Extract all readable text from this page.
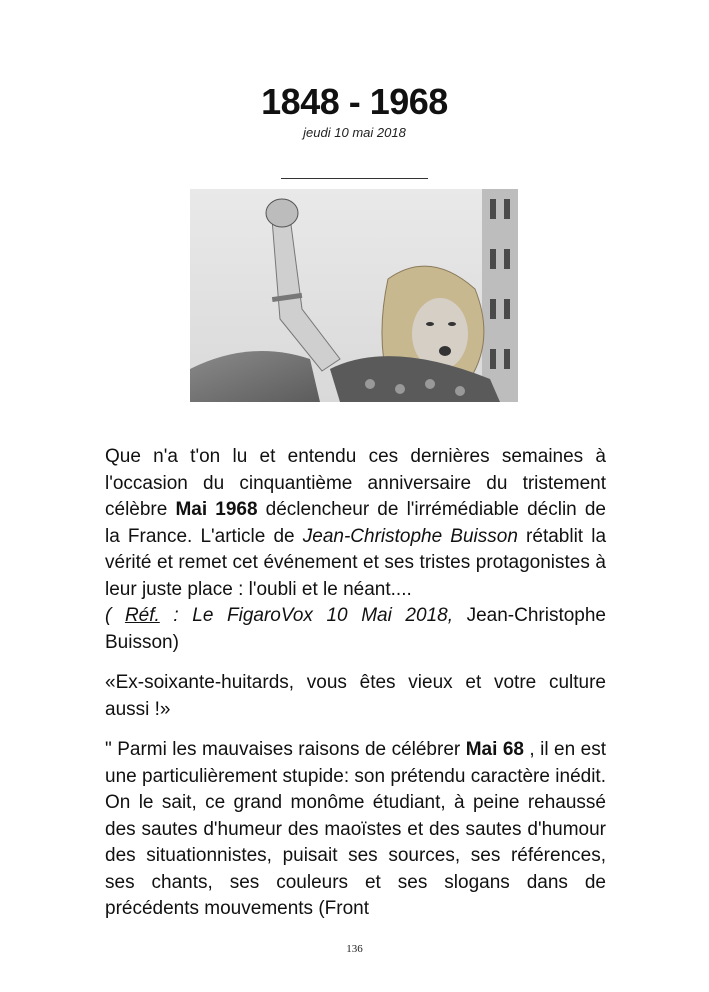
1848 - 1968
jeudi 10 mai 2018

Que n'a t'on lu et entendu ces dernières semaines à l'occasion du cinquantième anniversaire du tristement célèbre Mai 1968 déclencheur de l'irrémédiable déclin de la France. L'article de Jean-Christophe Buisson rétablit la vérité et remet cet événement et ses tristes protagonistes à leur juste place : l'oubli et le néant....
( Réf. : Le FigaroVox 10 Mai 2018, Jean-Christophe Buisson)

«Ex-soixante-huitards, vous êtes vieux et votre culture aussi !»

" Parmi les mauvaises raisons de célébrer Mai 68 , il en est une particulièrement stupide: son prétendu caractère inédit. On le sait, ce grand monôme étudiant, à peine rehaussé des sautes d'humeur des maoïstes et des sautes d'humour des situationnistes, puisait ses sources, ses références, ses chants, ses couleurs et ses slogans dans de précédents mouvements (Front

136
